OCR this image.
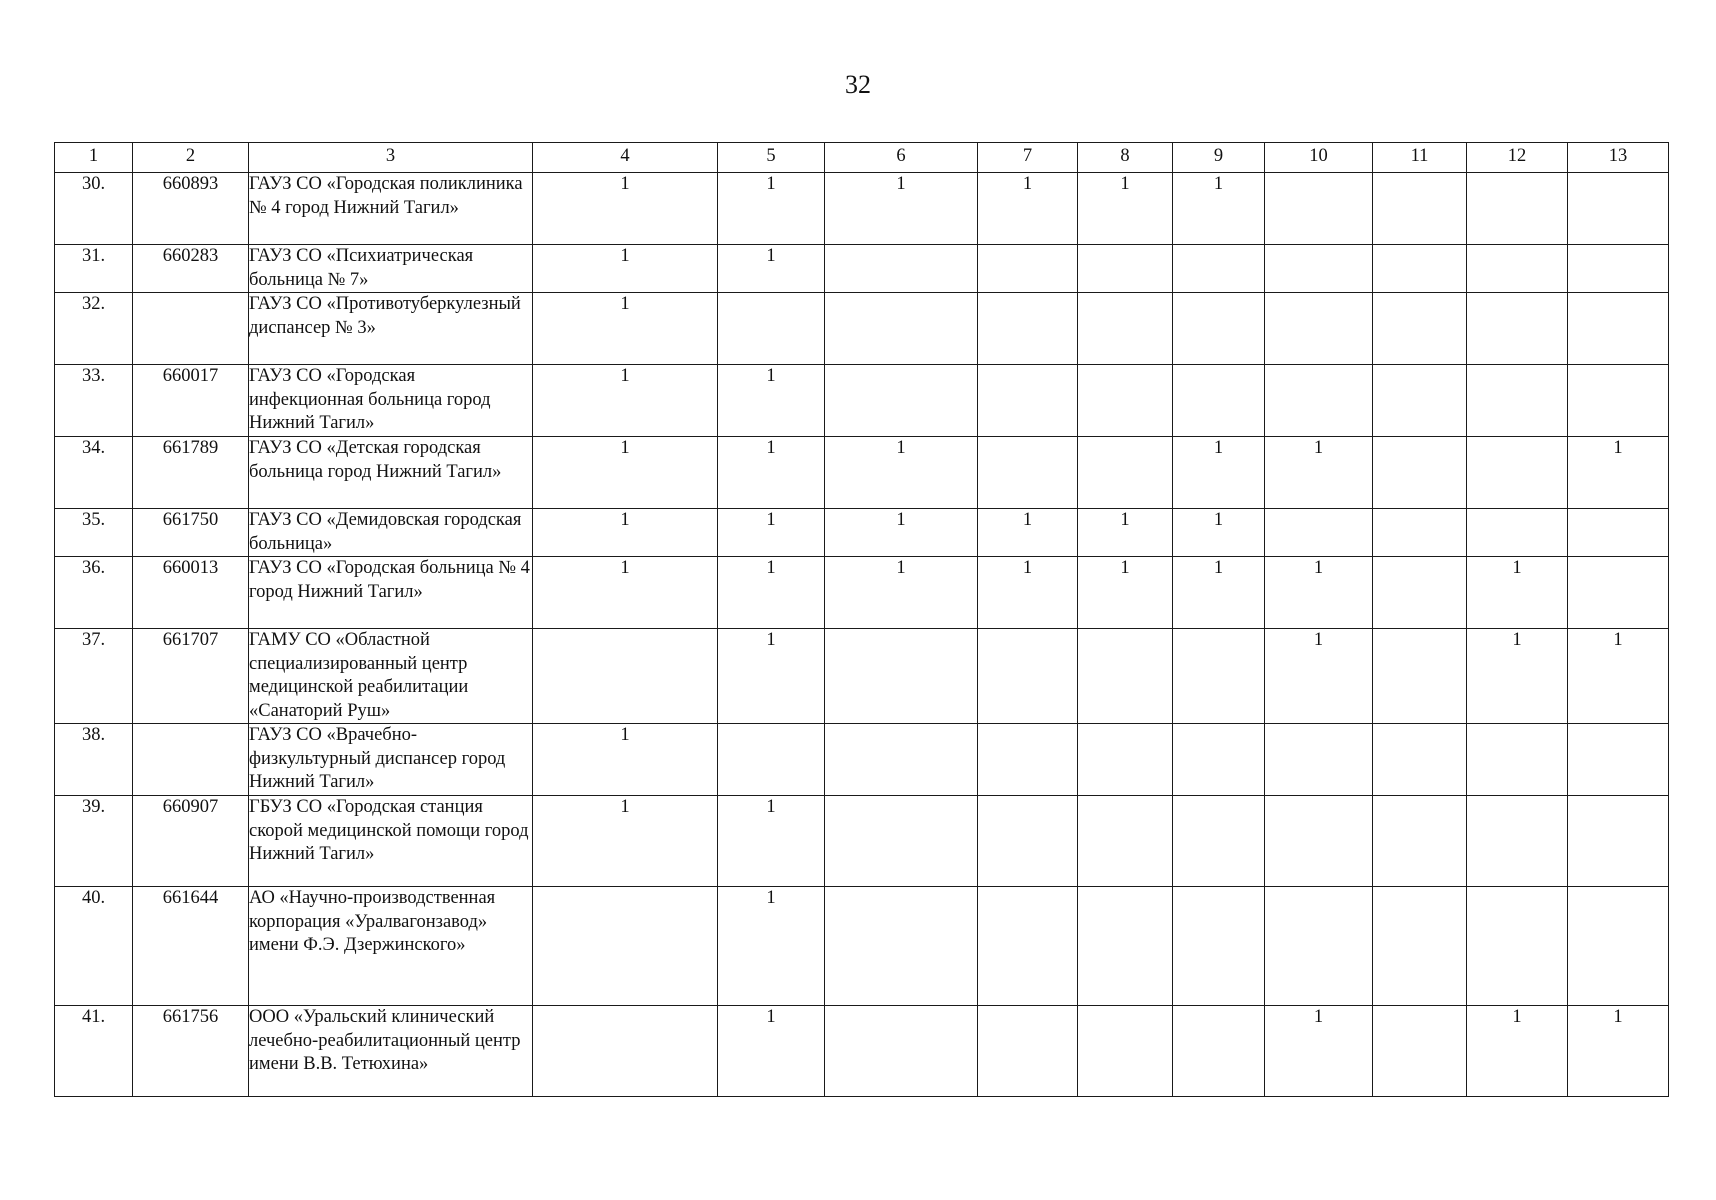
32
1	2	3	4	5	6	7	8	9	10	11	12	13
30.	660893	ГАУЗ СО «Городская поликлиника № 4 город Нижний Тагил»	1	1	1	1	1	1				
31.	660283	ГАУЗ СО «Психиатрическая больница № 7»	1	1								
32.		ГАУЗ СО «Противотуберкулезный диспансер № 3»	1									
33.	660017	ГАУЗ СО «Городская инфекционная больница город Нижний Тагил»	1	1								
34.	661789	ГАУЗ СО «Детская городская больница город Нижний Тагил»	1	1	1			1	1			1
35.	661750	ГАУЗ СО «Демидовская городская больница»	1	1	1	1	1	1				
36.	660013	ГАУЗ СО «Городская больница № 4 город Нижний Тагил»	1	1	1	1	1	1	1		1	
37.	661707	ГАМУ СО «Областной специализированный центр медицинской реабилитации «Санаторий Руш»		1					1		1	1
38.		ГАУЗ СО «Врачебно-физкультурный диспансер город Нижний Тагил»	1									
39.	660907	ГБУЗ СО «Городская станция скорой медицинской помощи город Нижний Тагил»	1	1								
40.	661644	АО «Научно-производственная корпорация «Уралвагонзавод» имени Ф.Э. Дзержинского»		1								
41.	661756	ООО «Уральский клинический лечебно-реабилитационный центр имени В.В. Тетюхина»		1					1		1	1
